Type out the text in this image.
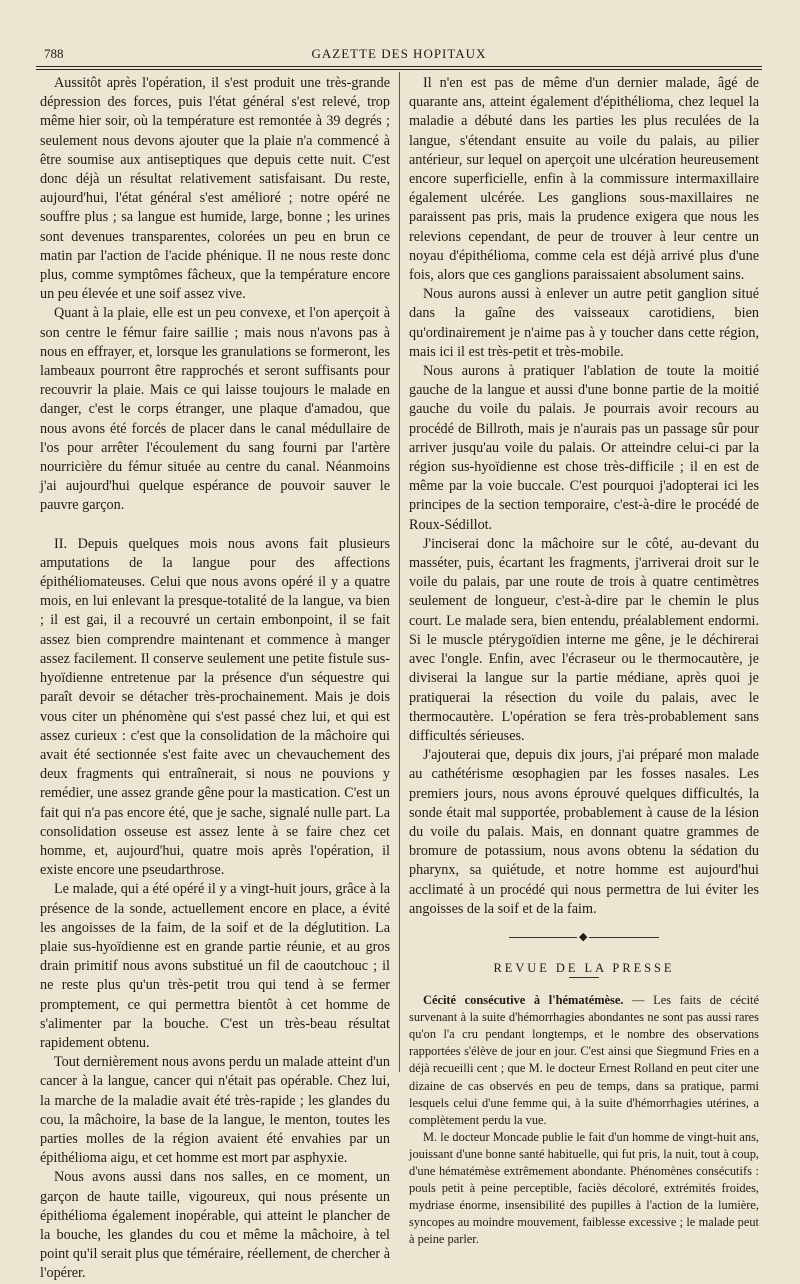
788	GAZETTE DES HOPITAUX

Aussitôt après l'opération, il s'est produit une très-grande dépression des forces, puis l'état général s'est relevé, trop même hier soir, où la température est remontée à 39 degrés ; seulement nous devons ajouter que la plaie n'a commencé à être soumise aux antiseptiques que depuis cette nuit. C'est donc déjà un résultat relativement satisfaisant. Du reste, aujourd'hui, l'état général s'est amélioré ; notre opéré ne souffre plus ; sa langue est humide, large, bonne ; les urines sont devenues transparentes, colorées un peu en brun ce matin par l'action de l'acide phénique. Il ne nous reste donc plus, comme symptômes fâcheux, que la température encore un peu élevée et une soif assez vive.

Quant à la plaie, elle est un peu convexe, et l'on aperçoit à son centre le fémur faire saillie ; mais nous n'avons pas à nous en effrayer, et, lorsque les granulations se formeront, les lambeaux pourront être rapprochés et seront suffisants pour recouvrir la plaie. Mais ce qui laisse toujours le malade en danger, c'est le corps étranger, une plaque d'amadou, que nous avons été forcés de placer dans le canal médullaire de l'os pour arrêter l'écoulement du sang fourni par l'artère nourricière du fémur située au centre du canal. Néanmoins j'ai aujourd'hui quelque espérance de pouvoir sauver le pauvre garçon.

II. Depuis quelques mois nous avons fait plusieurs amputations de la langue pour des affections épithéliomateuses. Celui que nous avons opéré il y a quatre mois, en lui enlevant la presque-totalité de la langue, va bien ; il est gai, il a recouvré un certain embonpoint, il se fait assez bien comprendre maintenant et commence à manger assez facilement. Il conserve seulement une petite fistule sus-hyoïdienne entretenue par la présence d'un séquestre qui paraît devoir se détacher très-prochainement. Mais je dois vous citer un phénomène qui s'est passé chez lui, et qui est assez curieux : c'est que la consolidation de la mâchoire qui avait été sectionnée s'est faite avec un chevauchement des deux fragments qui entraînerait, si nous ne pouvions y remédier, une assez grande gêne pour la mastication. C'est un fait qui n'a pas encore été, que je sache, signalé nulle part. La consolidation osseuse est assez lente à se faire chez cet homme, et, aujourd'hui, quatre mois après l'opération, il existe encore une pseudarthrose.

Le malade, qui a été opéré il y a vingt-huit jours, grâce à la présence de la sonde, actuellement encore en place, a évité les angoisses de la faim, de la soif et de la déglutition. La plaie sus-hyoïdienne est en grande partie réunie, et au gros drain primitif nous avons substitué un fil de caoutchouc ; il ne reste plus qu'un très-petit trou qui tend à se fermer promptement, ce qui permettra bientôt à cet homme de s'alimenter par la bouche. C'est un très-beau résultat rapidement obtenu.

Tout dernièrement nous avons perdu un malade atteint d'un cancer à la langue, cancer qui n'était pas opérable. Chez lui, la marche de la maladie avait été très-rapide ; les glandes du cou, la mâchoire, la base de la langue, le menton, toutes les parties molles de la région avaient été envahies par un épithélioma aigu, et cet homme est mort par asphyxie.

Nous avons aussi dans nos salles, en ce moment, un garçon de haute taille, vigoureux, qui nous présente un épithélioma également inopérable, qui atteint le plancher de la bouche, les glandes du cou et même la mâchoire, à tel point qu'il serait plus que téméraire, réellement, de chercher à l'opérer.

Il n'en est pas de même d'un dernier malade, âgé de quarante ans, atteint également d'épithélioma, chez lequel la maladie a débuté dans les parties les plus reculées de la langue, s'étendant ensuite au voile du palais, au pilier antérieur, sur lequel on aperçoit une ulcération heureusement encore superficielle, enfin à la commissure intermaxillaire également ulcérée. Les ganglions sous-maxillaires ne paraissent pas pris, mais la prudence exigera que nous les relevions cependant, de peur de trouver à leur centre un noyau d'épithélioma, comme cela est déjà arrivé plus d'une fois, alors que ces ganglions paraissaient absolument sains.

Nous aurons aussi à enlever un autre petit ganglion situé dans la gaîne des vaisseaux carotidiens, bien qu'ordinairement je n'aime pas à y toucher dans cette région, mais ici il est très-petit et très-mobile.

Nous aurons à pratiquer l'ablation de toute la moitié gauche de la langue et aussi d'une bonne partie de la moitié gauche du voile du palais. Je pourrais avoir recours au procédé de Billroth, mais je n'aurais pas un passage sûr pour arriver jusqu'au voile du palais. Or atteindre celui-ci par la région sus-hyoïdienne est chose très-difficile ; il en est de même par la voie buccale. C'est pourquoi j'adopterai ici les principes de la section temporaire, c'est-à-dire le procédé de Roux-Sédillot.

J'inciserai donc la mâchoire sur le côté, au-devant du masséter, puis, écartant les fragments, j'arriverai droit sur le voile du palais, par une route de trois à quatre centimètres seulement de longueur, c'est-à-dire par le chemin le plus court. Le malade sera, bien entendu, préalablement endormi. Si le muscle ptérygoïdien interne me gêne, je le déchirerai avec l'ongle. Enfin, avec l'écraseur ou le thermocautère, je diviserai la langue sur la partie médiane, après quoi je pratiquerai la résection du voile du palais, avec le thermocautère. L'opération se fera très-probablement sans difficultés sérieuses.

J'ajouterai que, depuis dix jours, j'ai préparé mon malade au cathétérisme œsophagien par les fosses nasales. Les premiers jours, nous avons éprouvé quelques difficultés, la sonde était mal supportée, probablement à cause de la lésion du voile du palais. Mais, en donnant quatre grammes de bromure de potassium, nous avons obtenu la sédation du pharynx, sa quiétude, et notre homme est aujourd'hui acclimaté à un procédé qui nous permettra de lui éviter les angoisses de la soif et de la faim.

◆

REVUE DE LA PRESSE

Cécité consécutive à l'hématémèse. — Les faits de cécité survenant à la suite d'hémorrhagies abondantes ne sont pas aussi rares qu'on l'a cru pendant longtemps, et le nombre des observations rapportées s'élève de jour en jour. C'est ainsi que Siegmund Fries en a déjà recueilli cent ; que M. le docteur Ernest Rolland en peut citer une dizaine de cas observés en peu de temps, dans sa pratique, parmi lesquels celui d'une femme qui, à la suite d'hémorrhagies utérines, a complètement perdu la vue.

M. le docteur Moncade publie le fait d'un homme de vingt-huit ans, jouissant d'une bonne santé habituelle, qui fut pris, la nuit, tout à coup, d'une hématémèse extrêmement abondante. Phénomènes consécutifs : pouls petit à peine perceptible, faciès décoloré, extrémités froides, mydriase énorme, insensibilité des pupilles à l'action de la lumière, syncopes au moindre mouvement, faiblesse excessive ; le malade peut à peine parler.
